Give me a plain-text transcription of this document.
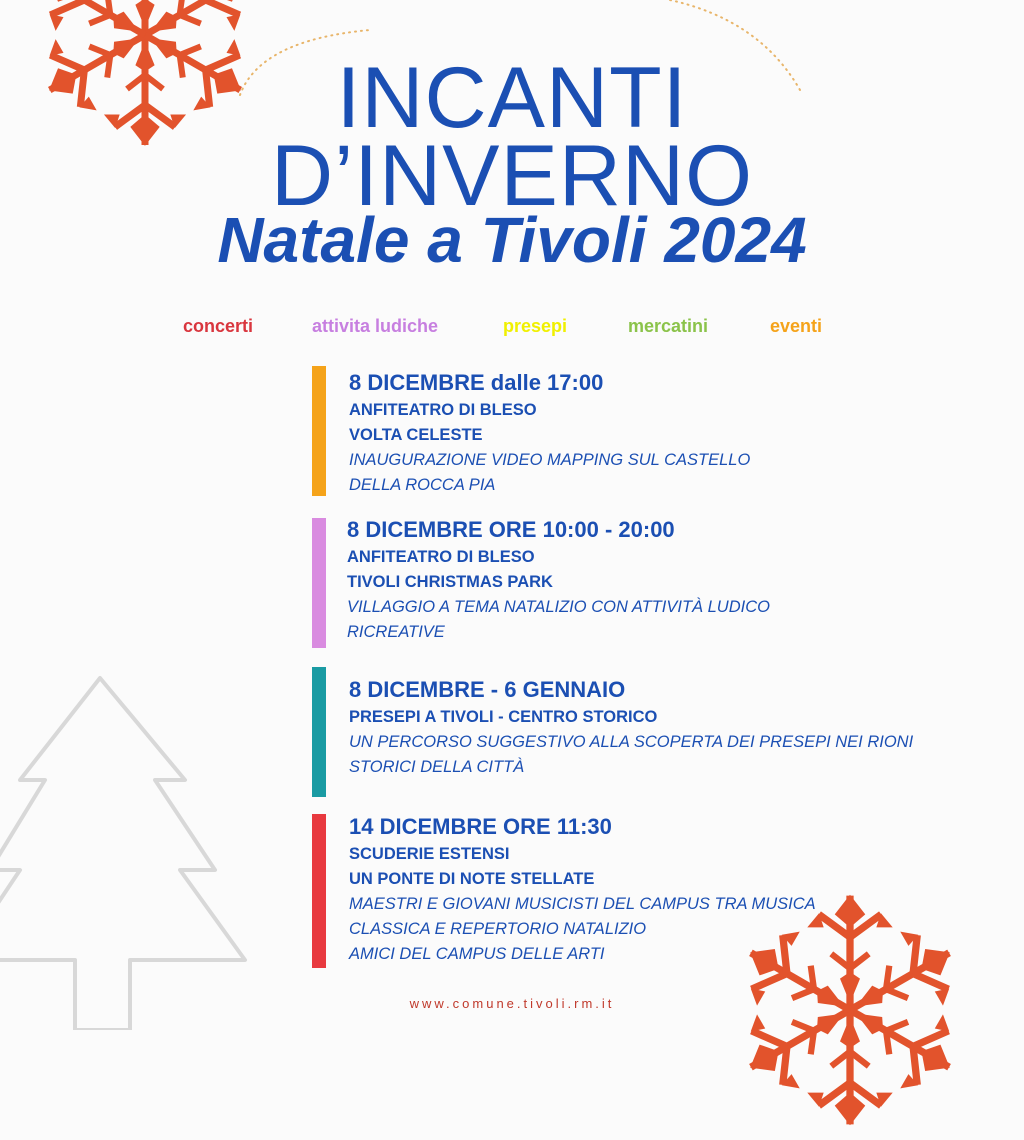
INCANTI
D’INVERNO
Natale a Tivoli 2024
concerti	attivita ludiche	presepi	mercatini	eventi

8 DICEMBRE dalle 17:00

ANFITEATRO DI BLESO

VOLTA CELESTE

INAUGURAZIONE VIDEO MAPPING SUL CASTELLO

DELLA ROCCA PIA

8 DICEMBRE ORE 10:00 - 20:00

ANFITEATRO DI BLESO

TIVOLI CHRISTMAS PARK

VILLAGGIO A TEMA NATALIZIO CON ATTIVITÀ LUDICO

RICREATIVE

8 DICEMBRE - 6 GENNAIO

PRESEPI A TIVOLI - CENTRO STORICO

UN PERCORSO SUGGESTIVO ALLA SCOPERTA DEI PRESEPI NEI RIONI

STORICI DELLA CITTÀ

14 DICEMBRE ORE 11:30

SCUDERIE ESTENSI

UN PONTE DI NOTE STELLATE

MAESTRI E GIOVANI MUSICISTI DEL CAMPUS TRA MUSICA

CLASSICA E REPERTORIO NATALIZIO

AMICI DEL CAMPUS DELLE ARTI

www.comune.tivoli.rm.it
